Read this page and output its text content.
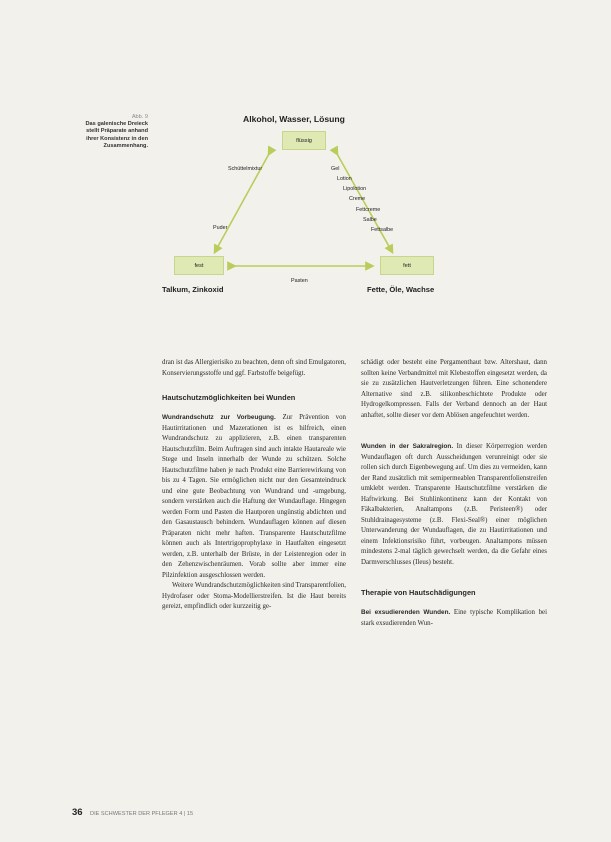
Abb. 9
Das galenische Dreieck stellt Präparate anhand ihrer Konsistenz in den Zusammenhang.
Alkohol, Wasser, Lösung
flüssig
fest	fett
Schüttelmixtur
Puder
Gel
Lotion
Lipolotion
Creme
Fettcreme
Salbe
Fettsalbe
Pasten
Talkum, Zinkoxid	Fette, Öle, Wachse

dran ist das Allergierisiko zu beachten, denn oft sind Emulgatoren, Konservierungsstoffe und ggf. Farbstoffe beigefügt.

Hautschutzmöglichkeiten bei Wunden

Wundrandschutz zur Vorbeugung. Zur Prävention von Hautirritationen und Mazerationen ist es hilfreich, einen Wundrandschutz zu applizieren, z.B. einen transparenten Hautschutzfilm. Beim Auftragen sind auch intakte Hautareale wie Stege und Inseln innerhalb der Wunde zu schützen. Solche Hautschutzfilme haben je nach Produkt eine Barrierewirkung von bis zu 4 Tagen. Sie ermöglichen nicht nur den Gesamteindruck und eine gute Beobachtung von Wundrand und -umgebung, sondern verstärken auch die Haftung der Wundauflage. Hingegen werden Form und Pasten die Hautporen ungünstig abdichten und den Gasaustausch behindern. Wundauflagen können auf diesen Präparaten nicht mehr haften. Transparente Hautschutzfilme können auch als Intertrigoprophylaxe in Hautfalten eingesetzt werden, z.B. unterhalb der Brüste, in der Leistenregion oder in den Zehenzwischenräumen. Vorab sollte aber immer eine Pilzinfektion ausgeschlossen werden.

Weitere Wundrandschutzmöglichkeiten sind Transparentfolien, Hydrofaser oder Stoma-Modellierstreifen. Ist die Haut bereits gereizt, empfindlich oder kurzzeitig ge-

schädigt oder besteht eine Pergamenthaut bzw. Altershaut, dann sollten keine Verbandmittel mit Klebestoffen eingesetzt werden, da sie zu zusätzlichen Hautverletzungen führen. Eine schonendere Alternative sind z.B. silikonbeschichtete Produkte oder Hydrogelkompressen. Falls der Verband dennoch an der Haut anhaftet, sollte dieser vor dem Ablösen angefeuchtet werden.

Wunden in der Sakralregion. In dieser Körperregion werden Wundauflagen oft durch Ausscheidungen verunreinigt oder sie rollen sich durch Eigenbewegung auf. Um dies zu vermeiden, kann der Rand zusätzlich mit semipermeablen Transparentfolienstreifen umklebt werden. Transparente Hautschutzfilme verstärken die Haftwirkung. Bei Stuhlinkontinenz kann der Kontakt von Fäkalbakterien, Analtampons (z.B. Peristeen®) oder Stuhldrainagesysteme (z.B. Flexi-Seal®) einer möglichen Unterwanderung der Wundauflagen, die zu Hautirritationen und einem Infektionsrisiko führt, vorbeugen. Analtampons müssen mindestens 2-mal täglich gewechselt werden, da die Gefahr eines Darmverschlusses (Ileus) besteht.

Therapie von Hautschädigungen

Bei exsudierenden Wunden. Eine typische Komplikation bei stark exsudierenden Wun-

36 DIE SCHWESTER DER PFLEGER 4 | 15
